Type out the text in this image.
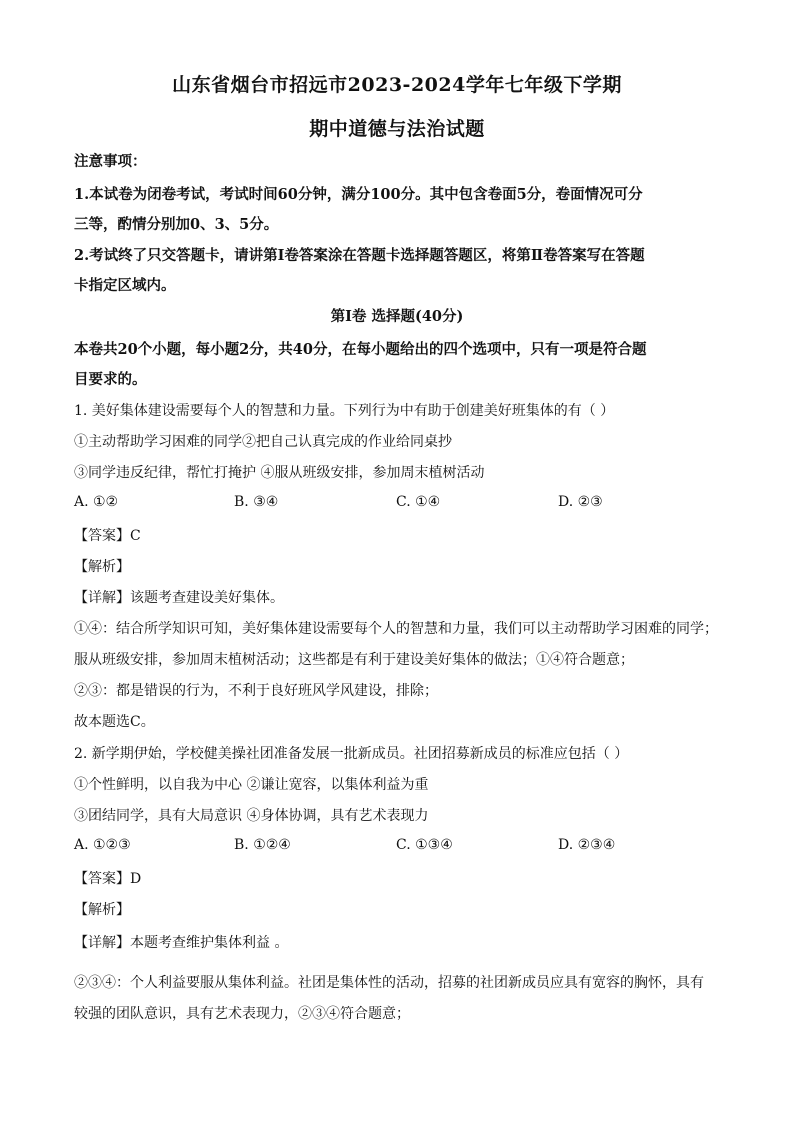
山东省烟台市招远市2023-2024学年七年级下学期
期中道德与法治试题
注意事项：
1.本试卷为闭卷考试，考试时间60分钟，满分100分。其中包含卷面5分，卷面情况可分
三等，酌情分别加0、3、5分。
2.考试终了只交答题卡，请讲第Ⅰ卷答案涂在答题卡选择题答题区，将第Ⅱ卷答案写在答题
卡指定区域内。
第Ⅰ卷 选择题(40分)
本卷共20个小题，每小题2分，共40分，在每小题给出的四个选项中，只有一项是符合题
目要求的。
1. 美好集体建设需要每个人的智慧和力量。下列行为中有助于创建美好班集体的有（ ）
①主动帮助学习困难的同学②把自己认真完成的作业给同桌抄
③同学违反纪律，帮忙打掩护 ④服从班级安排，参加周末植树活动
A. ①②	B. ③④	C. ①④	D. ②③
【答案】C
【解析】
【详解】该题考查建设美好集体。
①④：结合所学知识可知，美好集体建设需要每个人的智慧和力量，我们可以主动帮助学习困难的同学；
服从班级安排，参加周末植树活动；这些都是有利于建设美好集体的做法；①④符合题意；
②③：都是错误的行为，不利于良好班风学风建设，排除；
故本题选C。
2. 新学期伊始，学校健美操社团准备发展一批新成员。社团招募新成员的标准应包括（ ）
①个性鲜明，以自我为中心 ②谦让宽容，以集体利益为重
③团结同学，具有大局意识 ④身体协调，具有艺术表现力
A. ①②③	B. ①②④	C. ①③④	D. ②③④
【答案】D
【解析】
【详解】本题考查维护集体利益 。
②③④：个人利益要服从集体利益。社团是集体性的活动，招募的社团新成员应具有宽容的胸怀，具有
较强的团队意识，具有艺术表现力，②③④符合题意；
